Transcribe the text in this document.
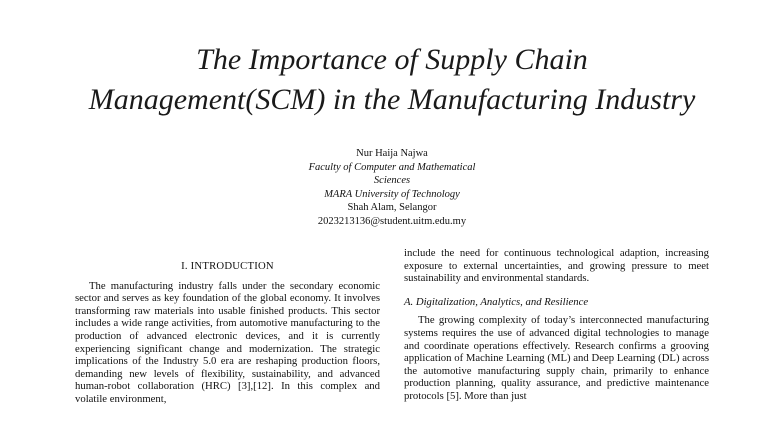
The Importance of Supply Chain
Management(SCM) in the Manufacturing Industry
Nur Haija Najwa
Faculty of Computer and Mathematical
Sciences
MARA University of Technology
Shah Alam, Selangor
2023213136@student.uitm.edu.my
I. INTRODUCTION

The manufacturing industry falls under the secondary economic sector and serves as key foundation of the global economy. It involves transforming raw materials into usable finished products. This sector includes a wide range activities, from automotive manufacturing to the production of advanced electronic devices, and it is currently experiencing significant change and modernization. The strategic implications of the Industry 5.0 era are reshaping production floors, demanding new levels of flexibility, sustainability, and advanced human-robot collaboration (HRC) [3],[12]. In this complex and volatile environment,

include the need for continuous technological adaption, increasing exposure to external uncertainties, and growing pressure to meet sustainability and environmental standards.

A. Digitalization, Analytics, and Resilience

The growing complexity of today’s interconnected manufacturing systems requires the use of advanced digital technologies to manage and coordinate operations effectively. Research confirms a grooving application of Machine Learning (ML) and Deep Learning (DL) across the automotive manufacturing supply chain, primarily to enhance production planning, quality assurance, and predictive maintenance protocols [5]. More than just
